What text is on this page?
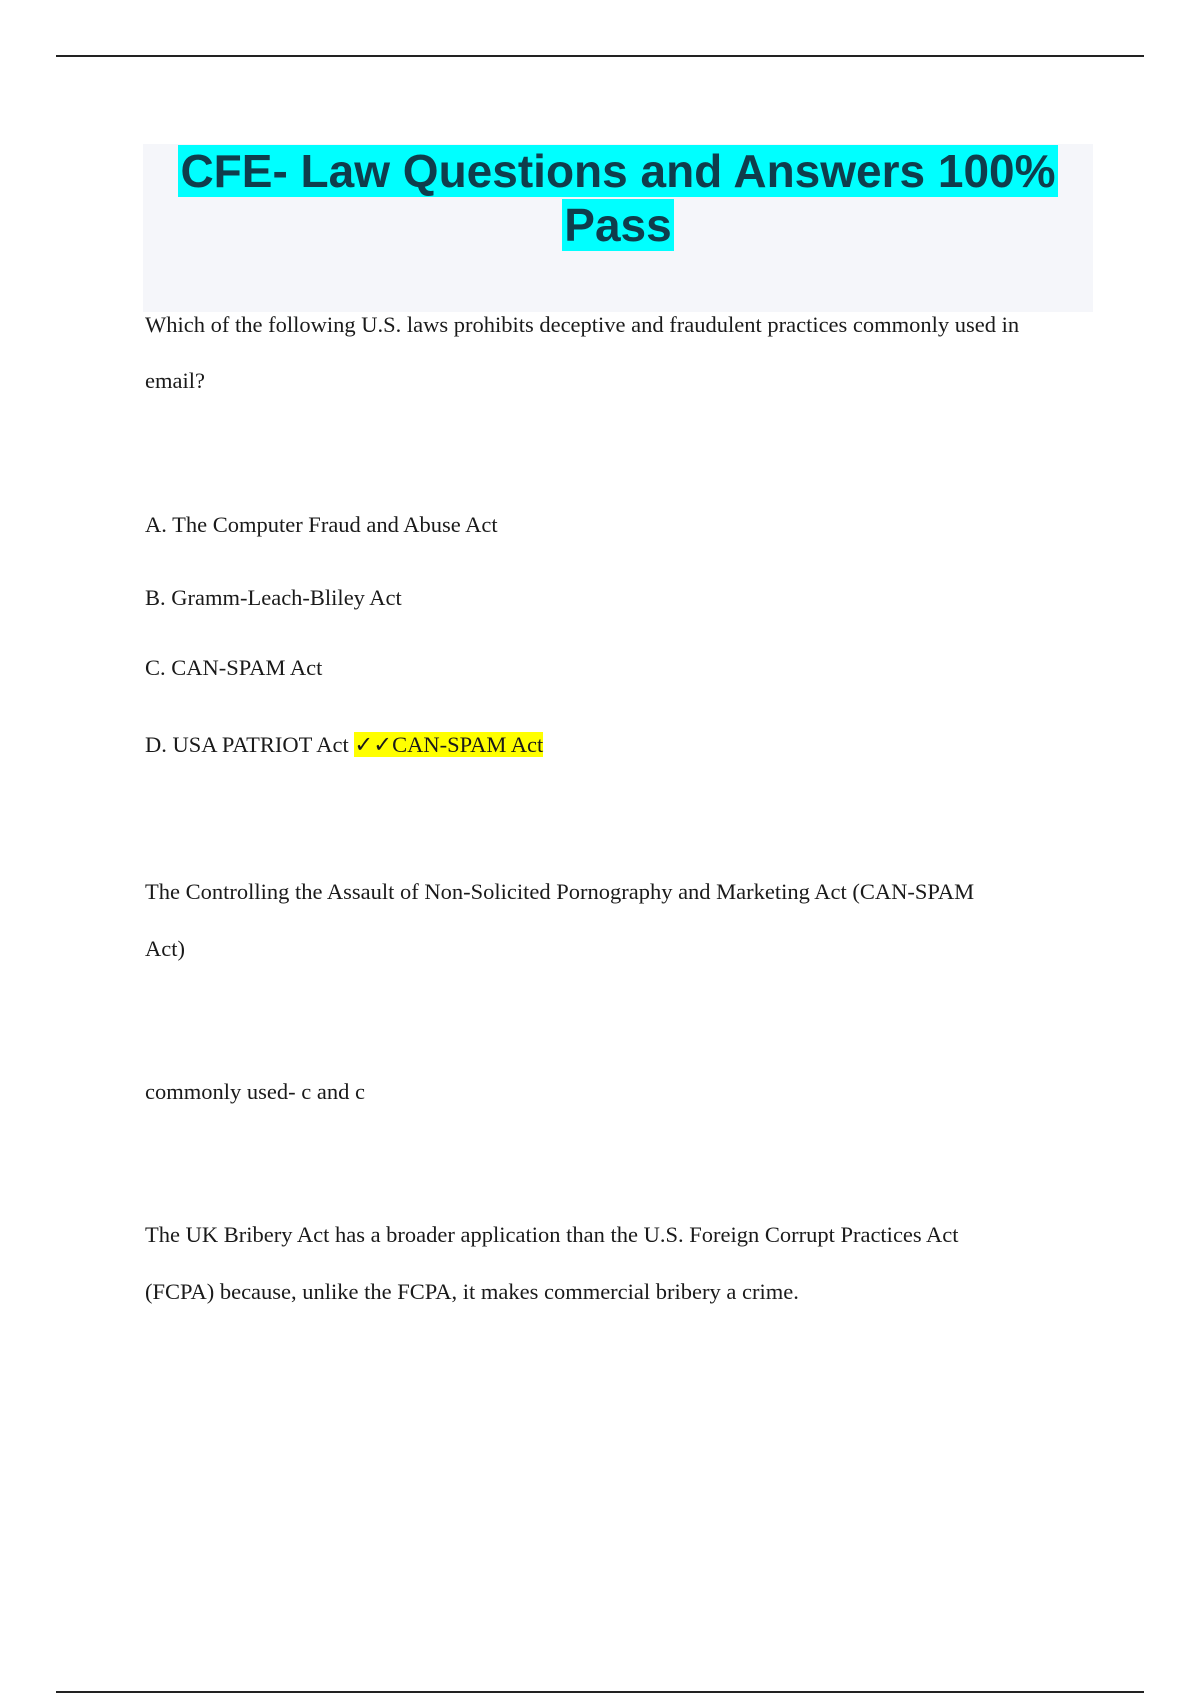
CFE- Law Questions and Answers 100%
Pass

Which of the following U.S. laws prohibits deceptive and fraudulent practices commonly used in

email?

A. The Computer Fraud and Abuse Act

B. Gramm-Leach-Bliley Act

C. CAN-SPAM Act

D. USA PATRIOT Act ✓✓CAN-SPAM Act

The Controlling the Assault of Non-Solicited Pornography and Marketing Act (CAN-SPAM

Act)

commonly used- c and c

The UK Bribery Act has a broader application than the U.S. Foreign Corrupt Practices Act

(FCPA) because, unlike the FCPA, it makes commercial bribery a crime.
